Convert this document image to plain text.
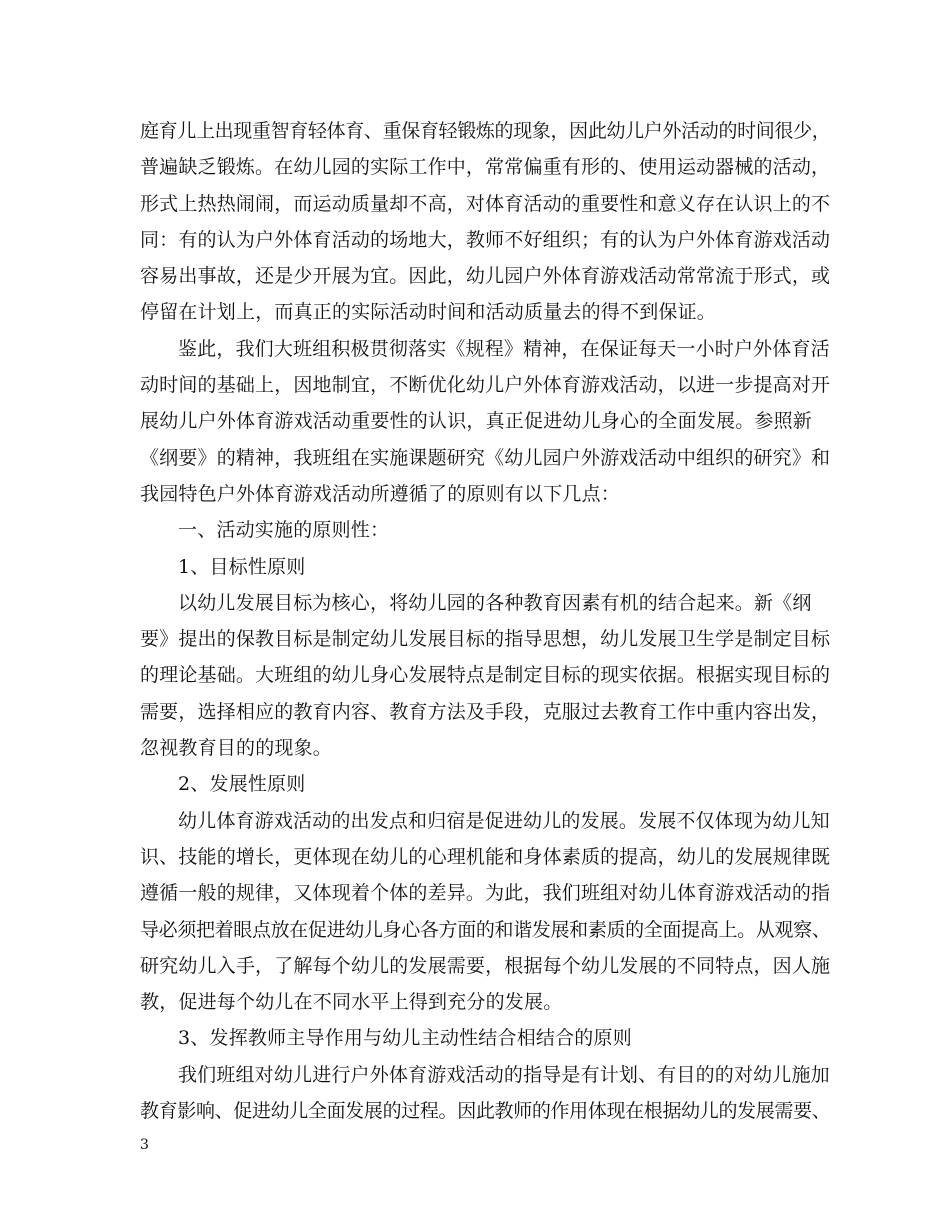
庭育儿上出现重智育轻体育、重保育轻锻炼的现象，因此幼儿户外活动的时间很少，
普遍缺乏锻炼。在幼儿园的实际工作中，常常偏重有形的、使用运动器械的活动，
形式上热热闹闹，而运动质量却不高，对体育活动的重要性和意义存在认识上的不
同：有的认为户外体育活动的场地大，教师不好组织；有的认为户外体育游戏活动
容易出事故，还是少开展为宜。因此，幼儿园户外体育游戏活动常常流于形式，或
停留在计划上，而真正的实际活动时间和活动质量去的得不到保证。
鉴此，我们大班组积极贯彻落实《规程》精神，在保证每天一小时户外体育活
动时间的基础上，因地制宜，不断优化幼儿户外体育游戏活动，以进一步提高对开
展幼儿户外体育游戏活动重要性的认识，真正促进幼儿身心的全面发展。参照新
《纲要》的精神，我班组在实施课题研究《幼儿园户外游戏活动中组织的研究》和
我园特色户外体育游戏活动所遵循了的原则有以下几点：
一、活动实施的原则性：
1、目标性原则
以幼儿发展目标为核心，将幼儿园的各种教育因素有机的结合起来。新《纲
要》提出的保教目标是制定幼儿发展目标的指导思想，幼儿发展卫生学是制定目标
的理论基础。大班组的幼儿身心发展特点是制定目标的现实依据。根据实现目标的
需要，选择相应的教育内容、教育方法及手段，克服过去教育工作中重内容出发，
忽视教育目的的现象。
2、发展性原则
幼儿体育游戏活动的出发点和归宿是促进幼儿的发展。发展不仅体现为幼儿知
识、技能的增长，更体现在幼儿的心理机能和身体素质的提高，幼儿的发展规律既
遵循一般的规律，又体现着个体的差异。为此，我们班组对幼儿体育游戏活动的指
导必须把着眼点放在促进幼儿身心各方面的和谐发展和素质的全面提高上。从观察、
研究幼儿入手，了解每个幼儿的发展需要，根据每个幼儿发展的不同特点，因人施
教，促进每个幼儿在不同水平上得到充分的发展。
3、发挥教师主导作用与幼儿主动性结合相结合的原则
我们班组对幼儿进行户外体育游戏活动的指导是有计划、有目的的对幼儿施加
教育影响、促进幼儿全面发展的过程。因此教师的作用体现在根据幼儿的发展需要、
3
